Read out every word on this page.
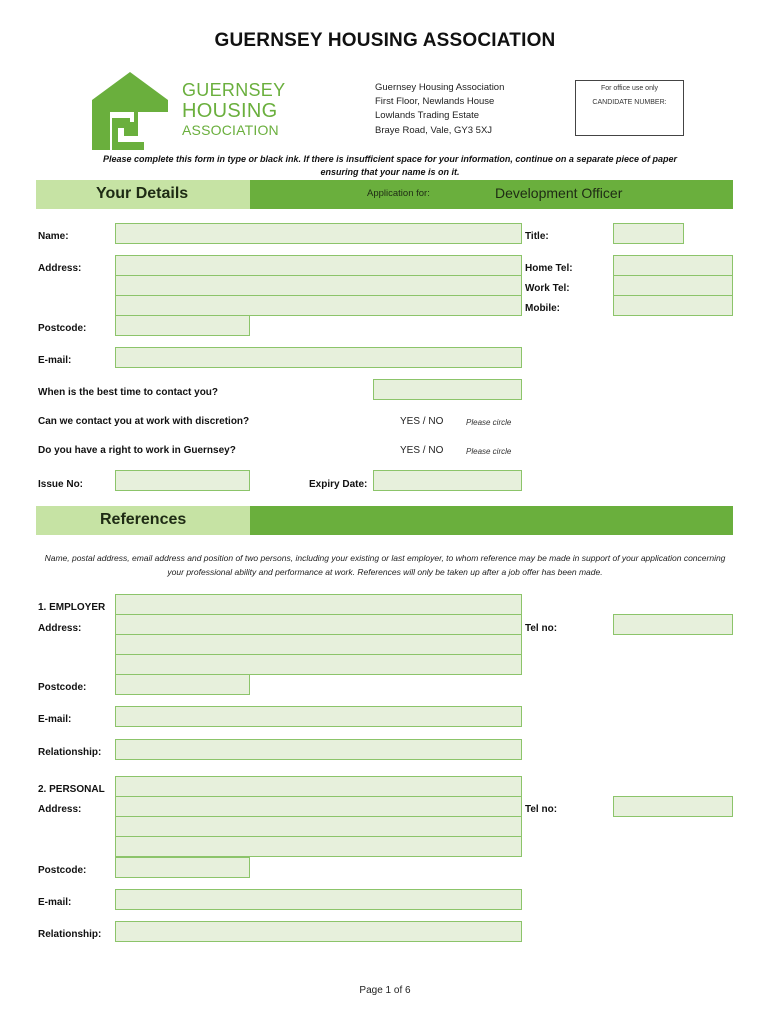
GUERNSEY HOUSING ASSOCIATION
GUERNSEY
HOUSING
ASSOCIATION
Guernsey Housing Association
First Floor, Newlands House
Lowlands Trading Estate
Braye Road, Vale, GY3 5XJ
For office use only
CANDIDATE NUMBER:
Please complete this form in type or black ink. If there is insufficient space for your information, continue on a separate piece of paper ensuring that your name is on it.
Your Details	Application for:	Development Officer
Name:	Title:
Address:	Home Tel:
Work Tel:
Mobile:
Postcode:
E-mail:
When is the best time to contact you?
Can we contact you at work with discretion?	YES / NO	Please circle
Do you have a right to work in Guernsey?	YES / NO	Please circle
Issue No:	Expiry Date:
References
Name, postal address, email address and position of two persons, including your existing or last employer, to whom reference may be made in support of your application concerning your professional ability and performance at work. References will only be taken up after a job offer has been made.
1. EMPLOYER
Address:	Tel no:
Postcode:
E-mail:
Relationship:
2. PERSONAL
Address:	Tel no:
Postcode:
E-mail:
Relationship:
Page 1 of 6
